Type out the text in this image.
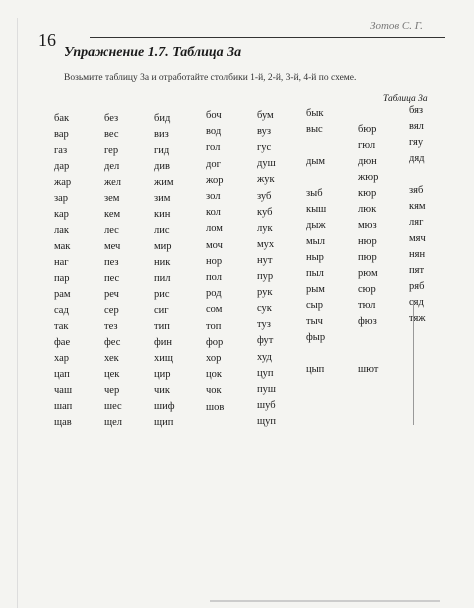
16
Зотов С. Г.
Упражнение 1.7. Таблица 3а
Возьмите таблицу 3а и отработайте столбики 1-й, 2-й, 3-й, 4-й по схеме.
Таблица 3а
бак
вар
газ
дар
жар
зар
кар
лак
мак
наг
пар
рам
сад
так
фае
хар
цап
чаш
шап
щав
без
вес
гер
дел
жел
зем
кем
лес
меч
пез
пес
реч
сер
тез
фес
хек
цек
чер
шес
щел
бид
виз
гид
див
жим
зим
кин
лис
мир
ник
пил
рис
сиг
тип
фин
хищ
цир
чик
шиф
щип
боч
вод
гол
дог
жор
зол
кол
лом
моч
нор
пол
род
сом
топ
фор
хор
цок
чок
шов
бум
вуз
гус
душ
жук
зуб
куб
лук
мух
нут
пур
рук
сук
туз
фут
худ
цуп
пуш
шуб
щуп
бык
выс
дым
зыб
кыш
дыж
мыл
ныр
пыл
рым
сыр
тыч
фыр
цып
бюр
гюл
дюн
жюр
кюр
люк
мюз
нюр
пюр
рюм
сюр
тюл
фюз
шют
бяз
вял
гяу
дяд
зяб
кям
ляг
мяч
нян
пят
ряб
сяд
тяж
